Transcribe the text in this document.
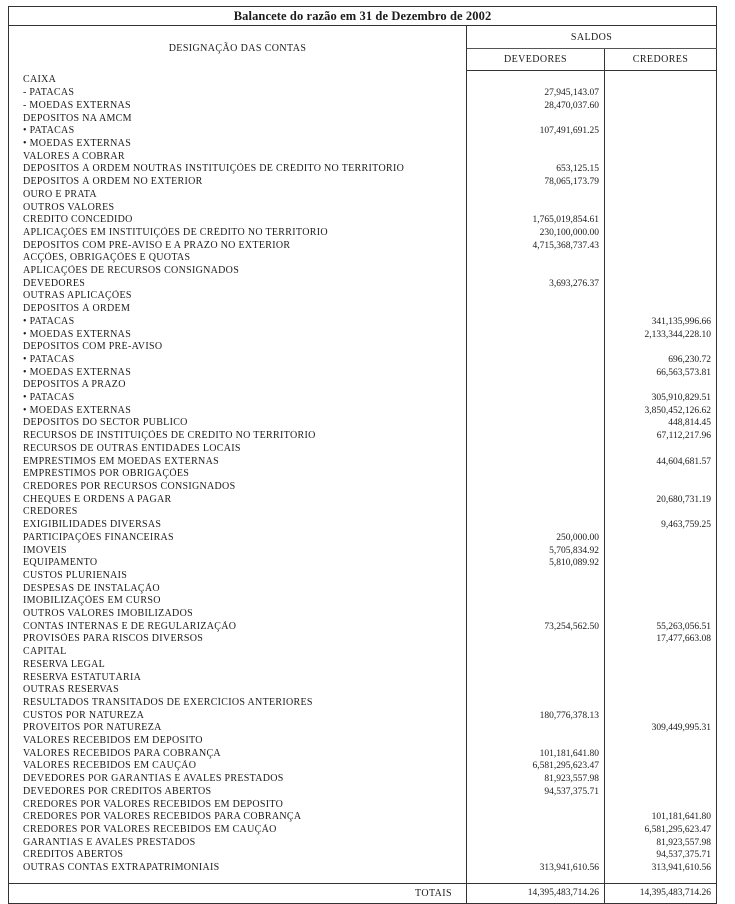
Balancete do razão em 31 de Dezembro de 2002		
DESIGNAÇÃO DAS CONTAS	SALDOS	
	DEVEDORES	CREDORES
CAIXA		
- PATACAS	27,945,143.07	
- MOEDAS EXTERNAS	28,470,037.60	
DEPÓSITOS NA AMCM		
• PATACAS	107,491,691.25	
• MOEDAS EXTERNAS		
VALORES A COBRAR		
DEPÓSITOS À ORDEM NOUTRAS INSTITUIÇÕES DE CRÉDITO NO TERRITÓRIO	653,125.15	
DEPÓSITOS À ORDEM NO EXTERIOR	78,065,173.79	
OURO E PRATA		
OUTROS VALORES		
CRÉDITO CONCEDIDO	1,765,019,854.61	
APLICAÇÕES EM INSTITUIÇÕES DE CRÉDITO NO TERRITÓRIO	230,100,000.00	
DEPÓSITOS COM PRÉ-AVISO E A PRAZO NO EXTERIOR	4,715,368,737.43	
ACÇÕES, OBRIGAÇÕES E QUOTAS		
APLICAÇÕES DE RECURSOS CONSIGNADOS		
DEVEDORES	3,693,276.37	
OUTRAS APLICAÇÕES		
DEPÓSITOS À ORDEM		
• PATACAS		341,135,996.66
• MOEDAS EXTERNAS		2,133,344,228.10
DEPÓSITOS COM PRÉ-AVISO		
• PATACAS		696,230.72
• MOEDAS EXTERNAS		66,563,573.81
DEPÓSITOS A PRAZO		
• PATACAS		305,910,829.51
• MOEDAS EXTERNAS		3,850,452,126.62
DEPÓSITOS DO SECTOR PÚBLICO		448,814.45
RECURSOS DE INSTITUIÇÕES DE CRÉDITO NO TERRITÓRIO		67,112,217.96
RECURSOS DE OUTRAS ENTIDADES LOCAIS		
EMPRÉSTIMOS EM MOEDAS EXTERNAS		44,604,681.57
EMPRÉSTIMOS POR OBRIGAÇÕES		
CREDORES POR RECURSOS CONSIGNADOS		
CHEQUES E ORDENS A PAGAR		20,680,731.19
CREDORES		
EXIGIBILIDADES DIVERSAS		9,463,759.25
PARTICIPAÇÕES FINANCEIRAS	250,000.00	
IMÓVEIS	5,705,834.92	
EQUIPAMENTO	5,810,089.92	
CUSTOS PLURIENAIS		
DESPESAS DE INSTALAÇÃO		
IMOBILIZAÇÕES EM CURSO		
OUTROS VALORES IMOBILIZADOS		
CONTAS INTERNAS E DE REGULARIZAÇÃO	73,254,562.50	55,263,056.51
PROVISÕES PARA RISCOS DIVERSOS		17,477,663.08
CAPITAL		
RESERVA LEGAL		
RESERVA ESTATUTÁRIA		
OUTRAS RESERVAS		
RESULTADOS TRANSITADOS DE EXERCÍCIOS ANTERIORES		
CUSTOS POR NATUREZA	180,776,378.13	
PROVEITOS POR NATUREZA		309,449,995.31
VALORES RECEBIDOS EM DEPÓSITO		
VALORES RECEBIDOS PARA COBRANÇA	101,181,641.80	
VALORES RECEBIDOS EM CAUÇÃO	6,581,295,623.47	
DEVEDORES POR GARANTIAS E AVALES PRESTADOS	81,923,557.98	
DEVEDORES POR CRÉDITOS ABERTOS	94,537,375.71	
CREDORES POR VALORES RECEBIDOS EM DEPÓSITO		
CREDORES POR VALORES RECEBIDOS PARA COBRANÇA		101,181,641.80
CREDORES POR VALORES RECEBIDOS EM CAUÇÃO		6,581,295,623.47
GARANTIAS E AVALES PRESTADOS		81,923,557.98
CRÉDITOS ABERTOS		94,537,375.71
OUTRAS CONTAS EXTRAPATRIMONIAIS	313,941,610.56	313,941,610.56
TOTAIS	14,395,483,714.26	14,395,483,714.26
